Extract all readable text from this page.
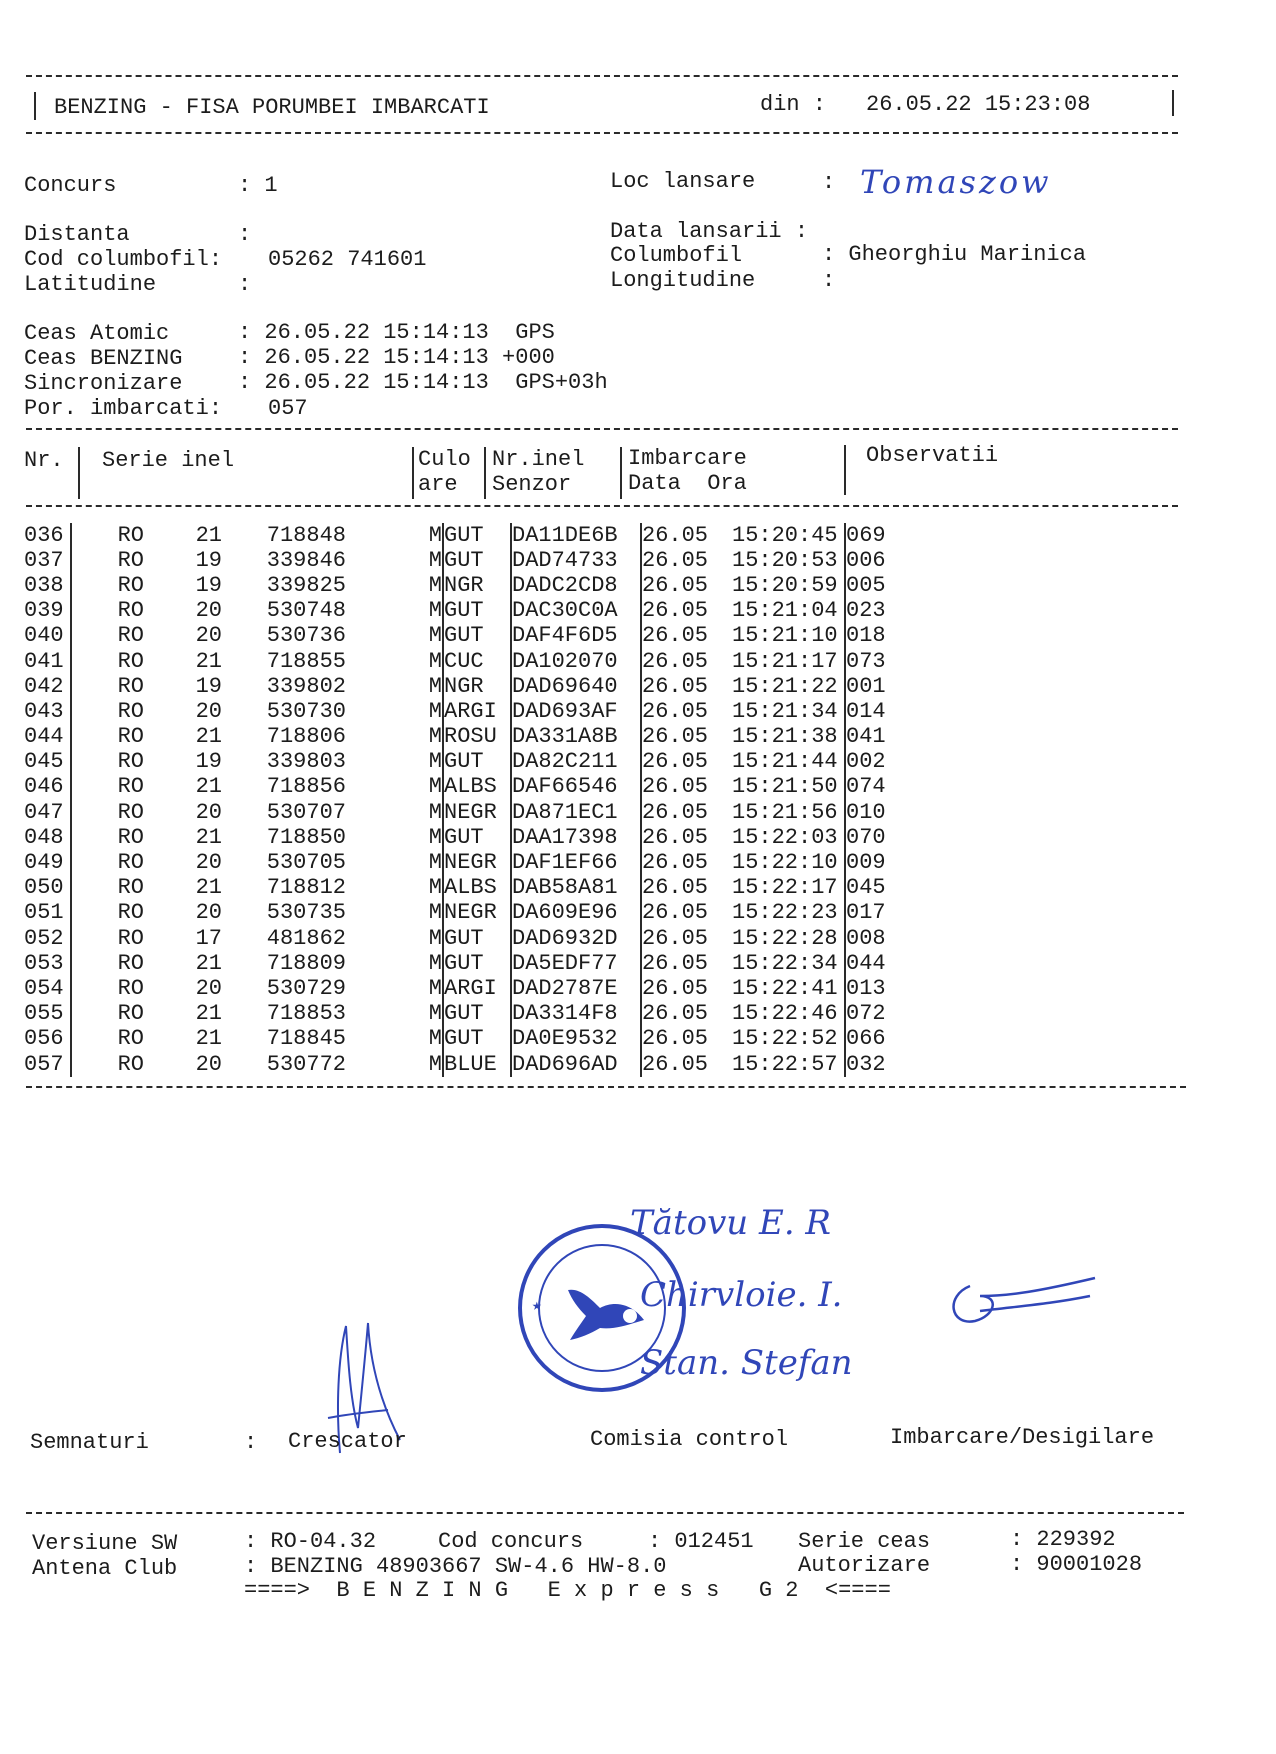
BENZING - FISA PORUMBEI IMBARCATI	din : 26.05.22 15:23:08
Concurs	: 1	Loc lansare	: Tomaszow
Distanta	:
Cod columbofil: 05262 741601
Latitudine	:
Data lansarii :
Columbofil	: Gheorghiu Marinica
Longitudine	:
Ceas Atomic	: 26.05.22 15:14:13  GPS
Ceas BENZING	: 26.05.22 15:14:13 +000
Sincronizare	: 26.05.22 15:14:13  GPS+03h
Por. imbarcati: 057
Nr. Serie inel	Culo
are
Nr.inel
Senzor
Imbarcare
Data  Ora
Observatii
036	RO	21	718848	M	GUT	DA11DE6B	26.05	15:20:45	069
037	RO	19	339846	M	GUT	DAD74733	26.05	15:20:53	006
038	RO	19	339825	M	NGR	DADC2CD8	26.05	15:20:59	005
039	RO	20	530748	M	GUT	DAC30C0A	26.05	15:21:04	023
040	RO	20	530736	M	GUT	DAF4F6D5	26.05	15:21:10	018
041	RO	21	718855	M	CUC	DA102070	26.05	15:21:17	073
042	RO	19	339802	M	NGR	DAD69640	26.05	15:21:22	001
043	RO	20	530730	M	ARGI	DAD693AF	26.05	15:21:34	014
044	RO	21	718806	M	ROSU	DA331A8B	26.05	15:21:38	041
045	RO	19	339803	M	GUT	DA82C211	26.05	15:21:44	002
046	RO	21	718856	M	ALBS	DAF66546	26.05	15:21:50	074
047	RO	20	530707	M	NEGR	DA871EC1	26.05	15:21:56	010
048	RO	21	718850	M	GUT	DAA17398	26.05	15:22:03	070
049	RO	20	530705	M	NEGR	DAF1EF66	26.05	15:22:10	009
050	RO	21	718812	M	ALBS	DAB58A81	26.05	15:22:17	045
051	RO	20	530735	M	NEGR	DA609E96	26.05	15:22:23	017
052	RO	17	481862	M	GUT	DAD6932D	26.05	15:22:28	008
053	RO	21	718809	M	GUT	DA5EDF77	26.05	15:22:34	044
054	RO	20	530729	M	ARGI	DAD2787E	26.05	15:22:41	013
055	RO	21	718853	M	GUT	DA3314F8	26.05	15:22:46	072
056	RO	21	718845	M	GUT	DA0E9532	26.05	15:22:52	066
057	RO	20	530772	M	BLUE	DAD696AD	26.05	15:22:57	032
Tătovu E. R
Chirvloie. I.
Stan. Stefan
★
Semnaturi	: Crescator	Comisia control	Imbarcare/Desigilare
Versiune SW	: RO-04.32	Cod concurs	: 012451 Serie ceas	: 229392
Antena Club	: BENZING 48903667 SW-4.6 HW-8.0	Autorizare	: 90001028
====>  B E N Z I N G   E x p r e s s   G 2  <====
